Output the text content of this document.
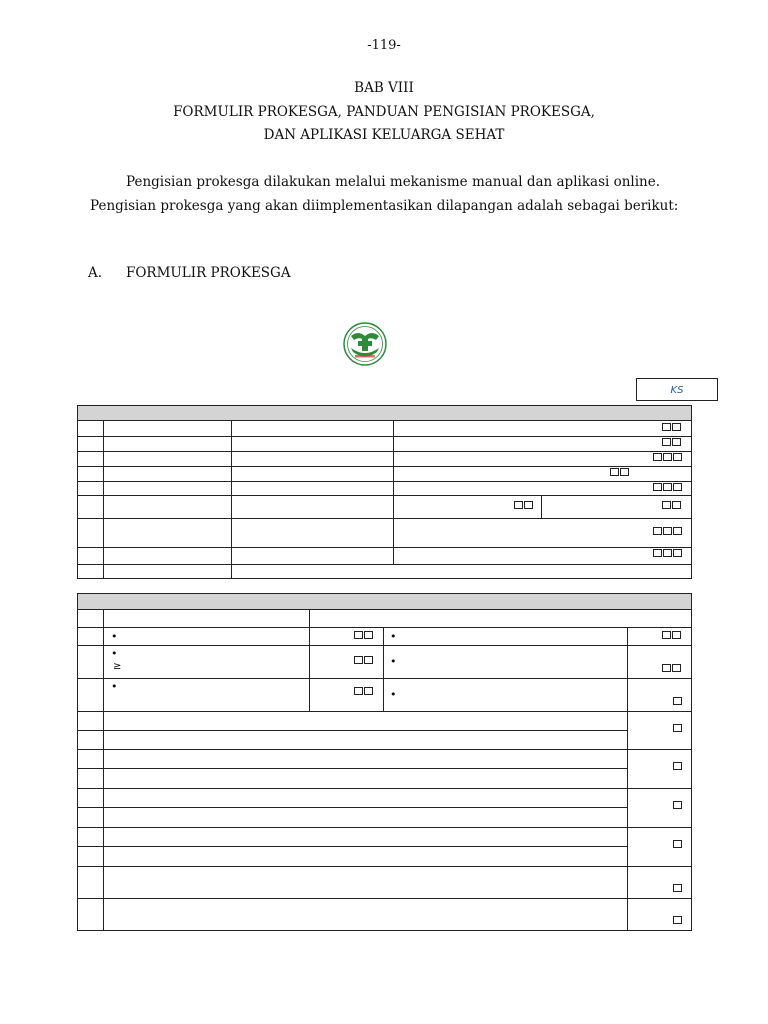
-119-
BAB VIII
FORMULIR PROKESGA, PANDUAN PENGISIAN PROKESGA,
DAN APLIKASI KELUARGA SEHAT
Pengisian prokesga dilakukan melalui mekanisme manual dan aplikasi online. Pengisian prokesga yang akan diimplementasikan dilapangan adalah sebagai berikut:
A. FORMULIR PROKESGA
KS
•
•
≥
•
•
•
•
